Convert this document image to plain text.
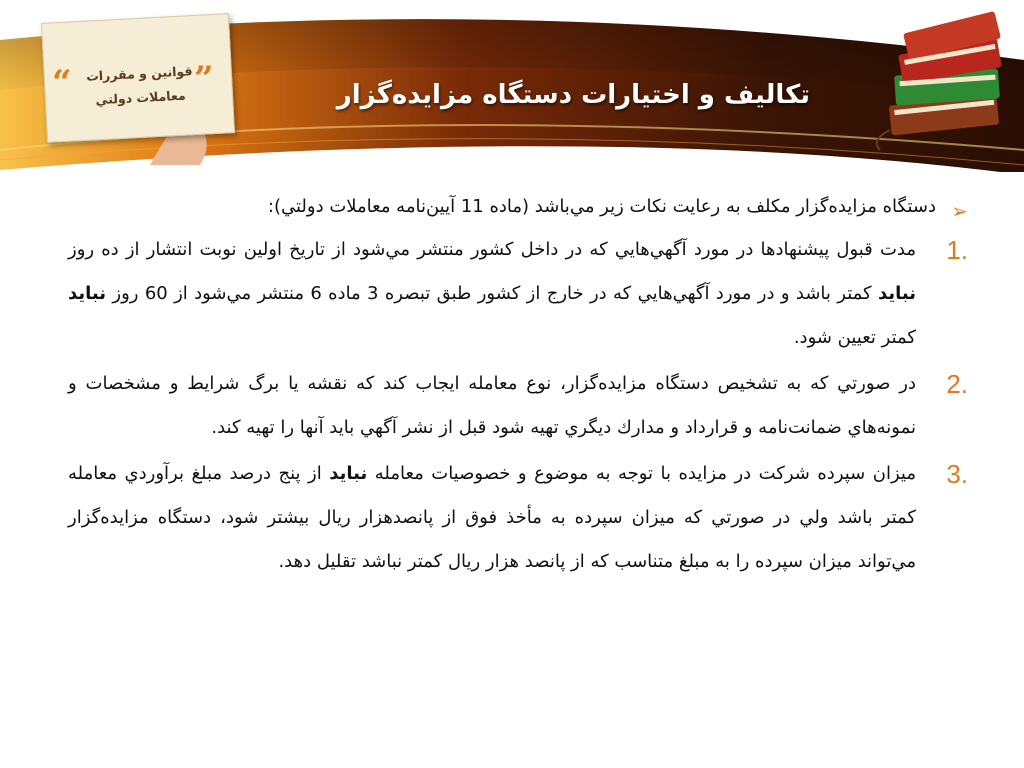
“	”
قوانين و مقررات
معاملات دولتي	تكاليف و اختيارات دستگاه مزايده‌گزار
➢
دستگاه مزايده‌گزار مكلف به رعايت نكات زير مي‌باشد (ماده 11 آيين‌نامه معاملات دولتي):
1.
مدت قبول پيشنهادها در مورد آگهي‌هايي كه در داخل كشور منتشر مي‌شود از تاريخ اولين نوبت انتشار از ده روز نبايد كمتر باشد و در مورد آگهي‌هايي كه در خارج از كشور طبق تبصره 3 ماده 6 منتشر مي‌شود از 60 روز نبايد كمتر تعيين شود.
2.
در صورتي كه به تشخيص دستگاه مزايده‌گزار، نوع معامله ايجاب كند كه نقشه يا برگ شرايط و مشخصات و نمونه‌هاي ضمانت‌نامه و قرارداد و مدارك ديگري تهيه شود قبل از نشر آگهي بايد آنها را تهيه كند.
3.
ميزان سپرده شركت در مزايده با توجه به موضوع و خصوصيات معامله نبايد از پنج درصد مبلغ برآوردي معامله كمتر باشد ولي در صورتي كه ميزان سپرده به مأخذ فوق از پانصدهزار ريال بيشتر شود، دستگاه مزايده‌گزار مي‌تواند ميزان سپرده را به مبلغ متناسب كه از پانصد هزار ريال كمتر نباشد تقليل دهد.
